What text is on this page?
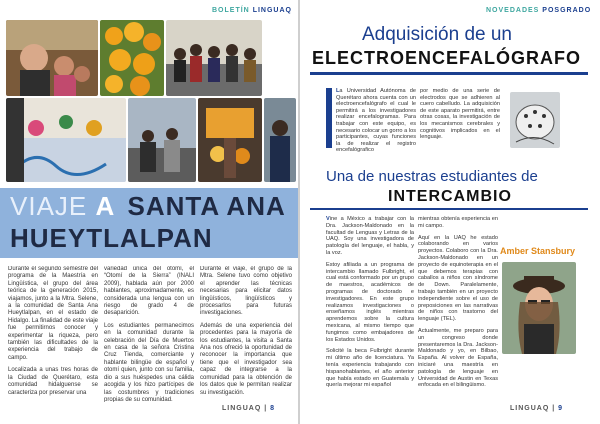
BOLETÍN LINGUAQ
VIAJE A SANTA ANA
HUEYTLALPAN

Durante el segundo semestre del programa de la Maestría en Lingüística, el grupo del área teórica de la generación 2015, viajamos, junto a la Mtra. Selene, a la comunidad de Santa Ana Hueytlalpan, en el estado de Hidalgo. La finalidad de este viaje fue permitirnos conocer y experimentar la riqueza, pero también las dificultades de la experiencia del trabajo de campo.

Localizada a unas tres horas de la Ciudad de Querétaro, esta comunidad hidalguense se caracteriza por preservar una

variedad única del otomí, el “Otomí de la Sierra” (INALI 2009), hablada aún por 2000 hablantes, aproximadamente, es considerada una lengua con un riesgo de grado 4 de desaparición.

Los estudiantes permanecimos en la comunidad durante la celebración del Día de Muertos en casa de la señora Cristina Cruz Tienda, comerciante y hablante bilingüe de español y otomí quien, junto con su familia, dio a sus huéspedes una cálida acogida y los hizo partícipes de las costumbres y tradiciones propias de su comunidad.

Durante el viaje, el grupo de la Mtra. Selene tuvo como objetivo el aprender las técnicas necesarias para elicitar datos lingüísticos, lingüísticos y procesarlos para futuras investigaciones.

Además de una experiencia del procedentes para la mayoría de los estudiantes, la visita a Santa Ana nos ofreció la oportunidad de reconocer la importancia que tiene que el investigador sea capaz de integrarse a la comunidad para la obtención de los datos que le permitan realizar su investigación.

LINGUAQ | 8
NOVEDADES POSGRADO
Adquisición de un
ELECTROENCEFALÓGRAFO

La Universidad Autónoma de Querétaro ahora cuenta con un electroencefalógrafo el cual le permitirá a los investigadores realizar encefalogramas. Para trabajar con este equipo, es necesario colocar un gorro a los participantes, cuyas funciones la de realizar el registro encefalógrafico

por medio de una serie de electrodos que se adhieren al cuero cabelludo. La adquisición de este aparato permitirá, entre otras cosas, la investigación de los mecanismos cerebrales y cognitivos implicados en el lenguaje.

Una de nuestras estudiantes de
INTERCAMBIO

Vine a México a trabajar con la Dra. Jackson-Maldonado en la facultad de Lenguas y Letras de la UAQ. Soy una investigadora de patología del lenguaje, el habla, y la voz.

Estoy afiliada a un programa de intercambio llamado Fulbright, el cual está conformado por un grupo de maestros, académicos de programas de doctorado e investigadores. En este grupo realizamos investigaciones o enseñamos inglés mientras aprendemos sobre la cultura mexicana, al mismo tiempo que fungimos como embajadores de los Estados Unidos.

Solicité la beca Fulbright durante mi último año de licenciatura. Ya tenía experiencia trabajando con hispanohablantes, el año anterior que había estado en Guatemala y quería mejorar mi español

mientras obtenía experiencia en mi campo.

Aquí en la UAQ he estado colaborando en varios proyectos. Colaboro con la Dra. Jackson-Maldonado en un proyecto de equinoterapia en el que debemos terapias con caballos a niños con síndrome de Down. Paralelamente, trabajo también en un proyecto independiente sobre el uso de preposiciones en las narrativas de niños con trastorno del lenguaje (TEL).

Actualmente, me preparo para un congreso donde presentaremos la Dra. Jackson-Maldonado y yo, en Bilbao, España. Al volver de España, iniciaré una maestría en patología de lenguaje en Universidad de Austin en Texas enfocada en el bilingüismo.

Amber Stansbury
LINGUAQ | 9
